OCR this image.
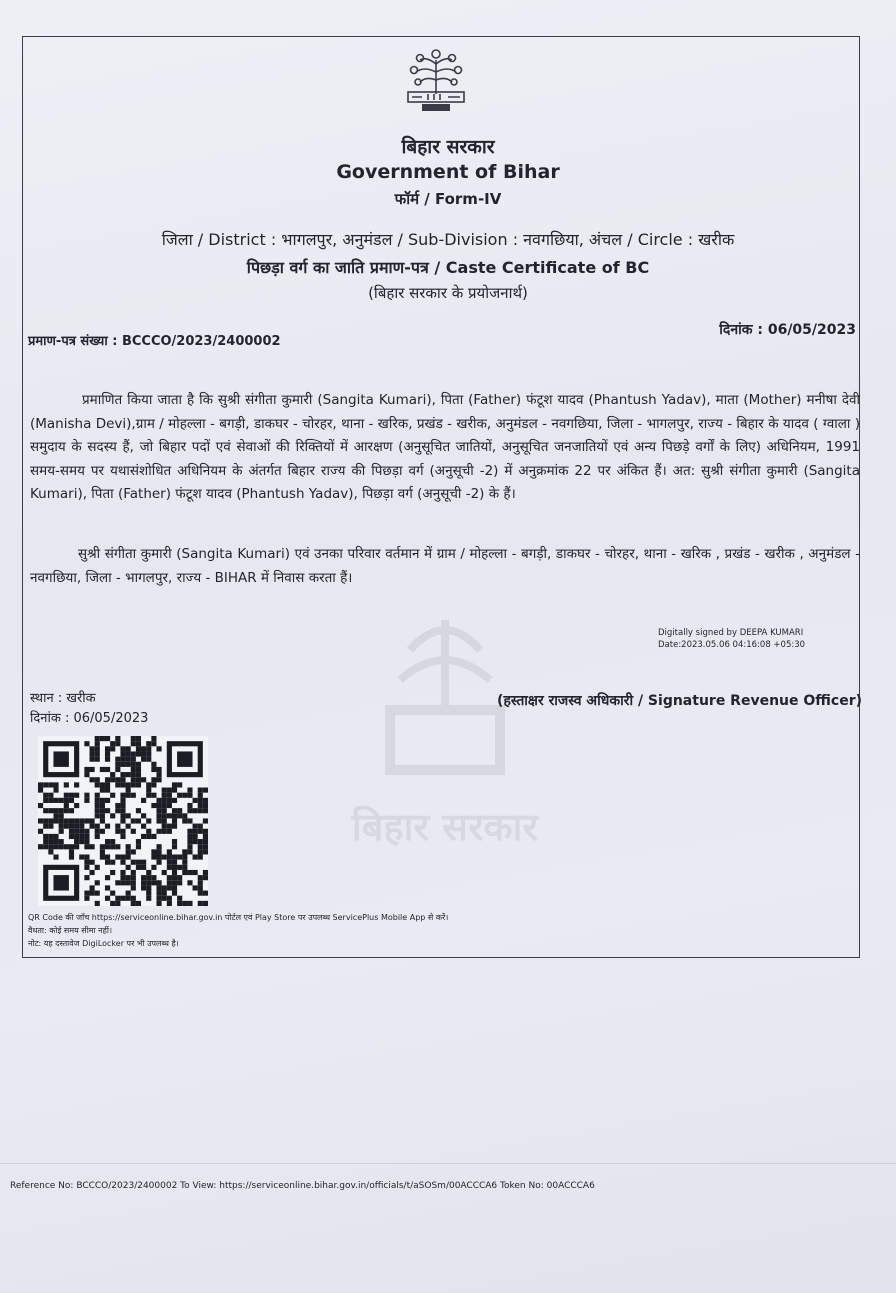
बिहार सरकार
बिहार सरकार
Government of Bihar
फॉर्म / Form-IV
जिला / District : भागलपुर, अनुमंडल / Sub-Division : नवगछिया, अंचल / Circle : खरीक
पिछड़ा वर्ग का जाति प्रमाण-पत्र / Caste Certificate of BC
(बिहार सरकार के प्रयोजनार्थ)
प्रमाण-पत्र संख्या : BCCCO/2023/2400002
दिनांक : 06/05/2023
प्रमाणित किया जाता है कि सुश्री संगीता कुमारी (Sangita Kumari), पिता (Father) फंटूश यादव (Phantush Yadav), माता (Mother) मनीषा देवी (Manisha Devi),ग्राम / मोहल्ला - बगड़ी, डाकघर - चोरहर, थाना - खरिक, प्रखंड - खरीक, अनुमंडल - नवगछिया, जिला - भागलपुर, राज्य - बिहार के यादव ( ग्वाला ) समुदाय के सदस्य हैं, जो बिहार पदों एवं सेवाओं की रिक्तियों में आरक्षण (अनुसूचित जातियों, अनुसूचित जनजातियों एवं अन्य पिछड़े वर्गों के लिए) अधिनियम, 1991 समय-समय पर यथासंशोधित अधिनियम के अंतर्गत बिहार राज्य की पिछड़ा वर्ग (अनुसूची -2) में अनुक्रमांक 22 पर अंकित हैं। अत: सुश्री संगीता कुमारी (Sangita Kumari), पिता (Father) फंटूश यादव (Phantush Yadav), पिछड़ा वर्ग (अनुसूची -2) के हैं।
सुश्री संगीता कुमारी (Sangita Kumari) एवं उनका परिवार वर्तमान में ग्राम / मोहल्ला - बगड़ी, डाकघर - चोरहर, थाना - खरिक , प्रखंड - खरीक , अनुमंडल - नवगछिया, जिला - भागलपुर, राज्य - BIHAR में निवास करता हैं।
Digitally signed by DEEPA KUMARI
Date:2023.05.06 04:16:08 +05:30
स्थान : खरीक
दिनांक : 06/05/2023
(हस्ताक्षर राजस्व अधिकारी / Signature Revenue Officer)
QR Code की जाँच https://serviceonline.bihar.gov.in पोर्टल एवं Play Store पर उपलब्ध ServicePlus Mobile App से करें।
वैधता: कोई समय सीमा नहीं।
नोट: यह दस्तावेज DigiLocker पर भी उपलब्ध है।
Reference No: BCCCO/2023/2400002 To View: https://serviceonline.bihar.gov.in/officials/t/aSOSm/00ACCCA6 Token No: 00ACCCA6
